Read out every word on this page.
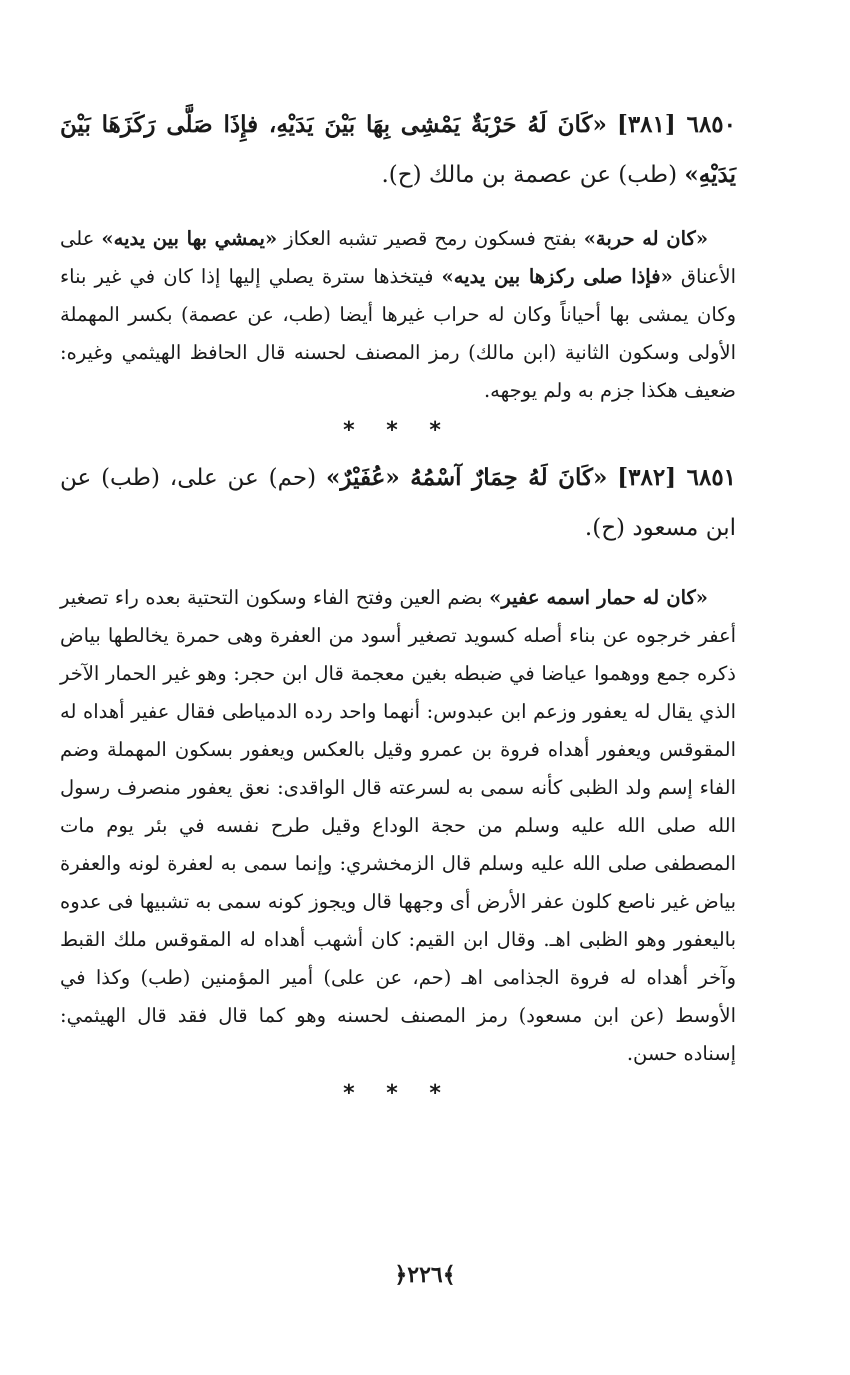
٦٨٥٠ [٣٨١] «كَانَ لَهُ حَرْبَةٌ يَمْشِى بِهَا بَيْنَ يَدَيْهِ، فإِذَا صَلَّى رَكَزَهَا بَيْنَ يَدَيْهِ» (طب) عن عصمة بن مالك (ح).

«كان له حربة» بفتح فسكون رمح قصير تشبه العكاز «يمشي بها بين يديه» على الأعناق «فإذا صلى ركزها بين يديه» فيتخذها سترة يصلي إليها إذا كان في غير بناء وكان يمشى بها أحياناً وكان له حراب غيرها أيضا (طب، عن عصمة) بكسر المهملة الأولى وسكون الثانية (ابن مالك) رمز المصنف لحسنه قال الحافظ الهيثمي وغيره: ضعيف هكذا جزم به ولم يوجهه.

* * *
٦٨٥١ [٣٨٢] «كَانَ لَهُ حِمَارٌ آسْمُهُ «عُفَيْرٌ» (حم) عن على، (طب) عن ابن مسعود (ح).

«كان له حمار اسمه عفير» بضم العين وفتح الفاء وسكون التحتية بعده راء تصغير أعفر خرجوه عن بناء أصله كسويد تصغير أسود من العفرة وهى حمرة يخالطها بياض ذكره جمع ووهموا عياضا في ضبطه بغين معجمة قال ابن حجر: وهو غير الحمار الآخر الذي يقال له يعفور وزعم ابن عبدوس: أنهما واحد رده الدمياطى فقال عفير أهداه له المقوقس ويعفور أهداه فروة بن عمرو وقيل بالعكس ويعفور بسكون المهملة وضم الفاء إسم ولد الظبى كأنه سمى به لسرعته قال الواقدى: نعق يعفور منصرف رسول الله صلى الله عليه وسلم من حجة الوداع وقيل طرح نفسه في بئر يوم مات المصطفى صلى الله عليه وسلم قال الزمخشري: وإنما سمى به لعفرة لونه والعفرة بياض غير ناصع كلون عفر الأرض أى وجهها قال ويجوز كونه سمى به تشبيها فى عدوه باليعفور وهو الظبى اهـ. وقال ابن القيم: كان أشهب أهداه له المقوقس ملك القبط وآخر أهداه له فروة الجذامى اهـ (حم، عن على) أمير المؤمنين (طب) وكذا في الأوسط (عن ابن مسعود) رمز المصنف لحسنه وهو كما قال فقد قال الهيثمي: إسناده حسن.

* * *
﴿٢٢٦﴾
